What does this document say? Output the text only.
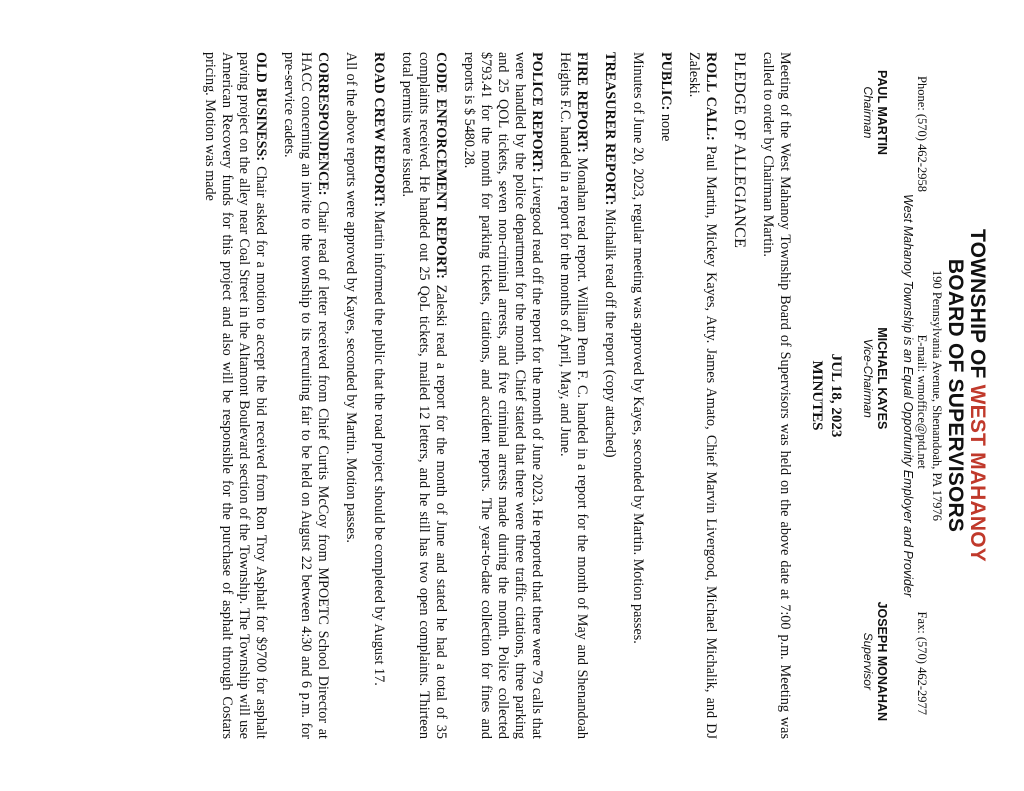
TOWNSHIP OF WEST MAHANOY
BOARD OF SUPERVISORS
190 Pennsylvania Avenue, Shenandoah, PA 17976
Phone: (570) 462-2958
E-mail: wmoffice@ptd.net
Fax: (570) 462-2977
West Mahanoy Township is an Equal Opportunity Employer and Provider
PAUL MARTIN
Chairman
MICHAEL KAYES
Vice-Chairman
JOSEPH MONAHAN
Supervisor
JUL 18, 2023
MINUTES

Meeting of the West Mahanoy Township Board of Supervisors was held on the above date at 7:00 p.m. Meeting was called to order by Chairman Martin.

PLEDGE OF ALLEGIANCE

ROLL CALL: Paul Martin, Mickey Kayes, Atty. James Amato, Chief Marvin Livergood, Michael Michalik, and DJ Zaleski.

PUBLIC: none

Minutes of June 20, 2023, regular meeting was approved by Kayes, seconded by Martin. Motion passes.

TREASURER REPORT: Michalik read off the report (copy attached)

FIRE REPORT: Monahan read report. William Penn F. C. handed in a report for the month of May and Shenandoah Heights F.C. handed in a report for the months of April, May, and June.

POLICE REPORT: Livergood read off the report for the month of June 2023. He reported that there were 79 calls that were handled by the police department for the month. Chief stated that there were three traffic citations, three parking and 25 QOL tickets, seven non-criminal arrests, and five criminal arrests made during the month. Police collected $793.41 for the month for parking tickets, citations, and accident reports. The year-to-date collection for fines and reports is $ 5480.28.

CODE ENFORCEMENT REPORT: Zaleski read a report for the month of June and stated he had a total of 35 complaints received. He handed out 25 QoL tickets, mailed 12 letters, and he still has two open complaints. Thirteen total permits were issued.

ROAD CREW REPORT: Martin informed the public that the road project should be completed by August 17.

All of the above reports were approved by Kayes, seconded by Martin. Motion passes.

CORRESPONDENCE: Chair read of letter received from Chief Curtis McCoy from MPOETC School Director at HACC concerning an invite to the township to its recruiting fair to be held on August 22 between 4:30 and 6 p.m. for pre-service cadets.

OLD BUSINESS: Chair asked for a motion to accept the bid received from Ron Troy Asphalt for $9700 for asphalt paving project on the alley near Coal Street in the Altamont Boulevard section of the Township. The Township will use American Recovery funds for this project and also will be responsible for the purchase of asphalt through Costars pricing. Motion was made
